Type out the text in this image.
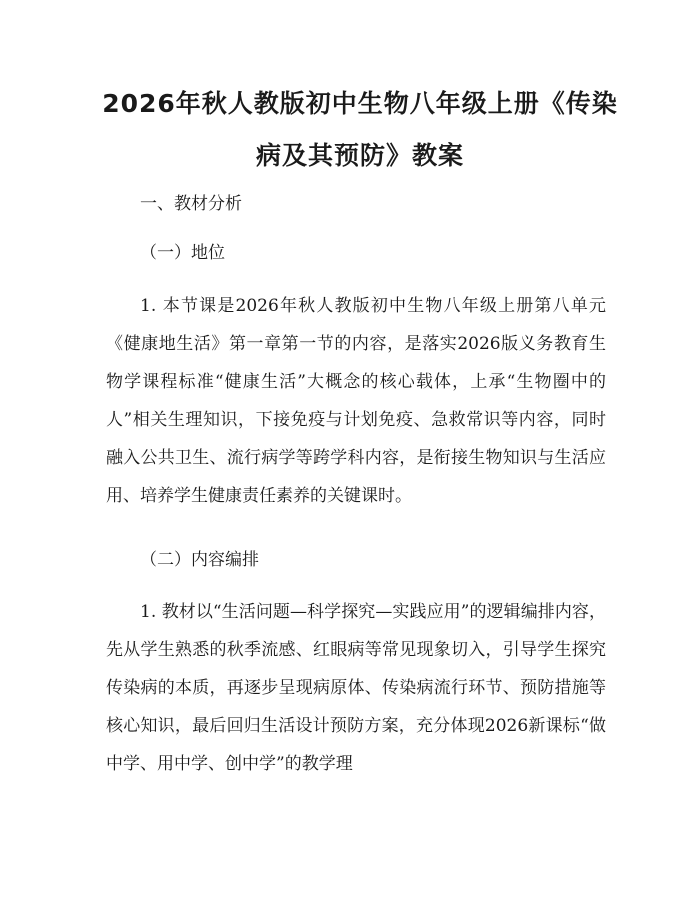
2026年秋人教版初中生物八年级上册《传染病及其预防》教案

一、教材分析

（一）地位

1. 本节课是2026年秋人教版初中生物八年级上册第八单元《健康地生活》第一章第一节的内容，是落实2026版义务教育生物学课程标准“健康生活”大概念的核心载体，上承“生物圈中的人”相关生理知识，下接免疫与计划免疫、急救常识等内容，同时融入公共卫生、流行病学等跨学科内容，是衔接生物知识与生活应用、培养学生健康责任素养的关键课时。

（二）内容编排

1. 教材以“生活问题—科学探究—实践应用”的逻辑编排内容，先从学生熟悉的秋季流感、红眼病等常见现象切入，引导学生探究传染病的本质，再逐步呈现病原体、传染病流行环节、预防措施等核心知识，最后回归生活设计预防方案，充分体现2026新课标“做中学、用中学、创中学”的教学理
